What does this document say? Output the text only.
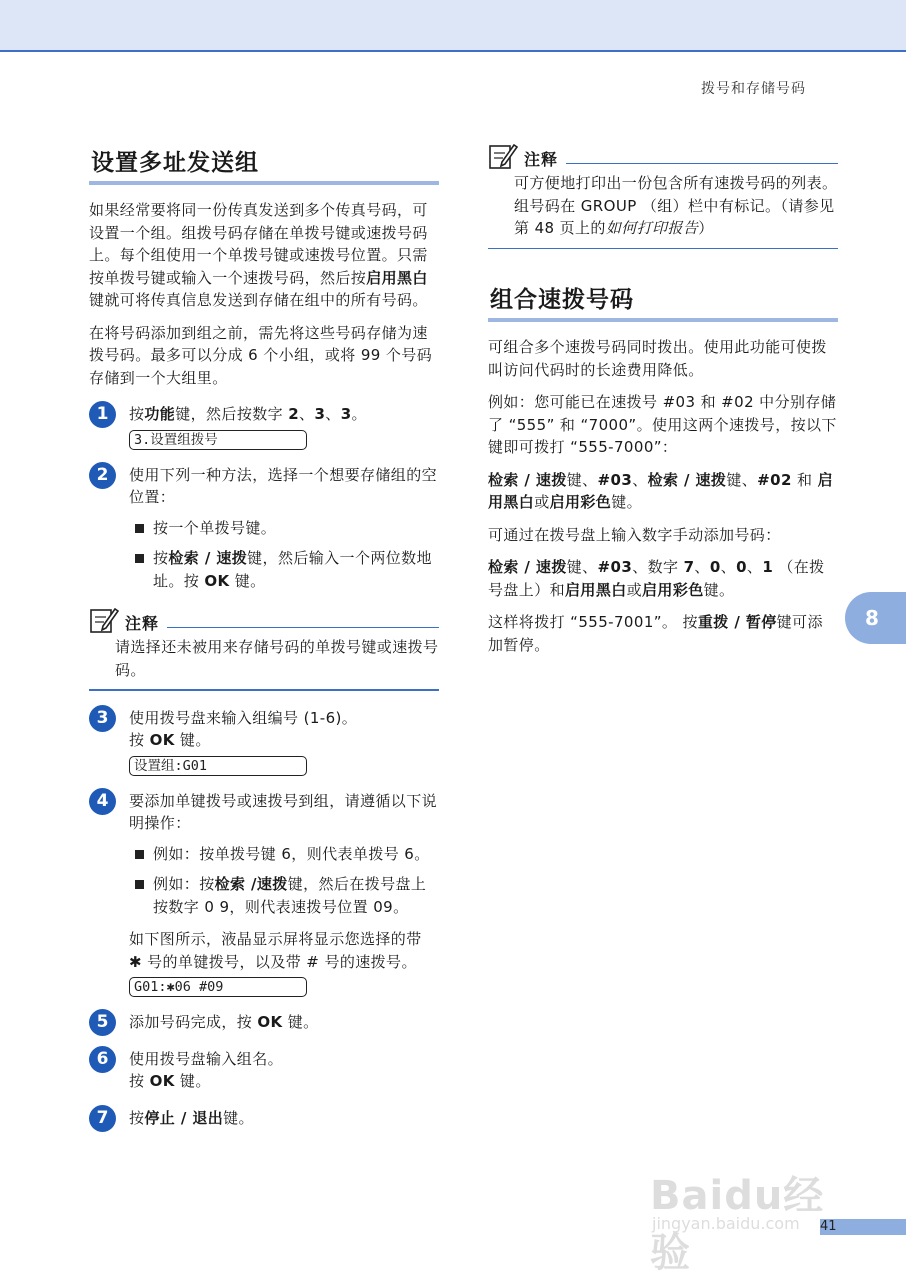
拨号和存储号码
设置多址发送组

如果经常要将同一份传真发送到多个传真号码，可设置一个组。组拨号码存储在单拨号键或速拨号码上。每个组使用一个单拨号键或速拨号位置。只需按单拨号键或输入一个速拨号码，然后按启用黑白键就可将传真信息发送到存储在组中的所有号码。

在将号码添加到组之前，需先将这些号码存储为速拨号码。最多可以分成 6 个小组，或将 99 个号码存储到一个大组里。

1	按功能键，然后按数字 2、3、3。

3.设置组拨号
2	使用下列一种方法，选择一个想要存储组的空位置：

按一个单拨号键。

按检索 / 速拨键，然后输入一个两位数地址。按 OK 键。

注释

请选择还未被用来存储号码的单拨号键或速拨号码。

3	使用拨号盘来输入组编号 (1-6)。

按 OK 键。

设置组:G01
4	要添加单键拨号或速拨号到组，请遵循以下说明操作：

例如：按单拨号键 6，则代表单拨号 6。

例如：按检索 /速拨键，然后在拨号盘上按数字 0 9，则代表速拨号位置 09。

如下图所示，液晶显示屏将显示您选择的带 ✱ 号的单键拨号，以及带 # 号的速拨号。

G01:✱06 #09
5	添加号码完成，按 OK 键。

6	使用拨号盘输入组名。

按 OK 键。

7	按停止 / 退出键。

注释

可方便地打印出一份包含所有速拨号码的列表。组号码在 GROUP （组）栏中有标记。（请参见第 48 页上的如何打印报告）

组合速拨号码

可组合多个速拨号码同时拨出。使用此功能可使拨叫访问代码时的长途费用降低。

例如：您可能已在速拨号 #03 和 #02 中分别存储了 “555” 和 “7000”。使用这两个速拨号，按以下键即可拨打 “555-7000”：

检索 / 速拨键、#03、检索 / 速拨键、#02 和 启用黑白或启用彩色键。

可通过在拨号盘上输入数字手动添加号码：

检索 / 速拨键、#03、数字 7、0、0、1 （在拨号盘上）和启用黑白或启用彩色键。

这样将拨打 “555-7001”。 按重拨 / 暂停键可添加暂停。

8
Baidu经验
jingyan.baidu.com 41
